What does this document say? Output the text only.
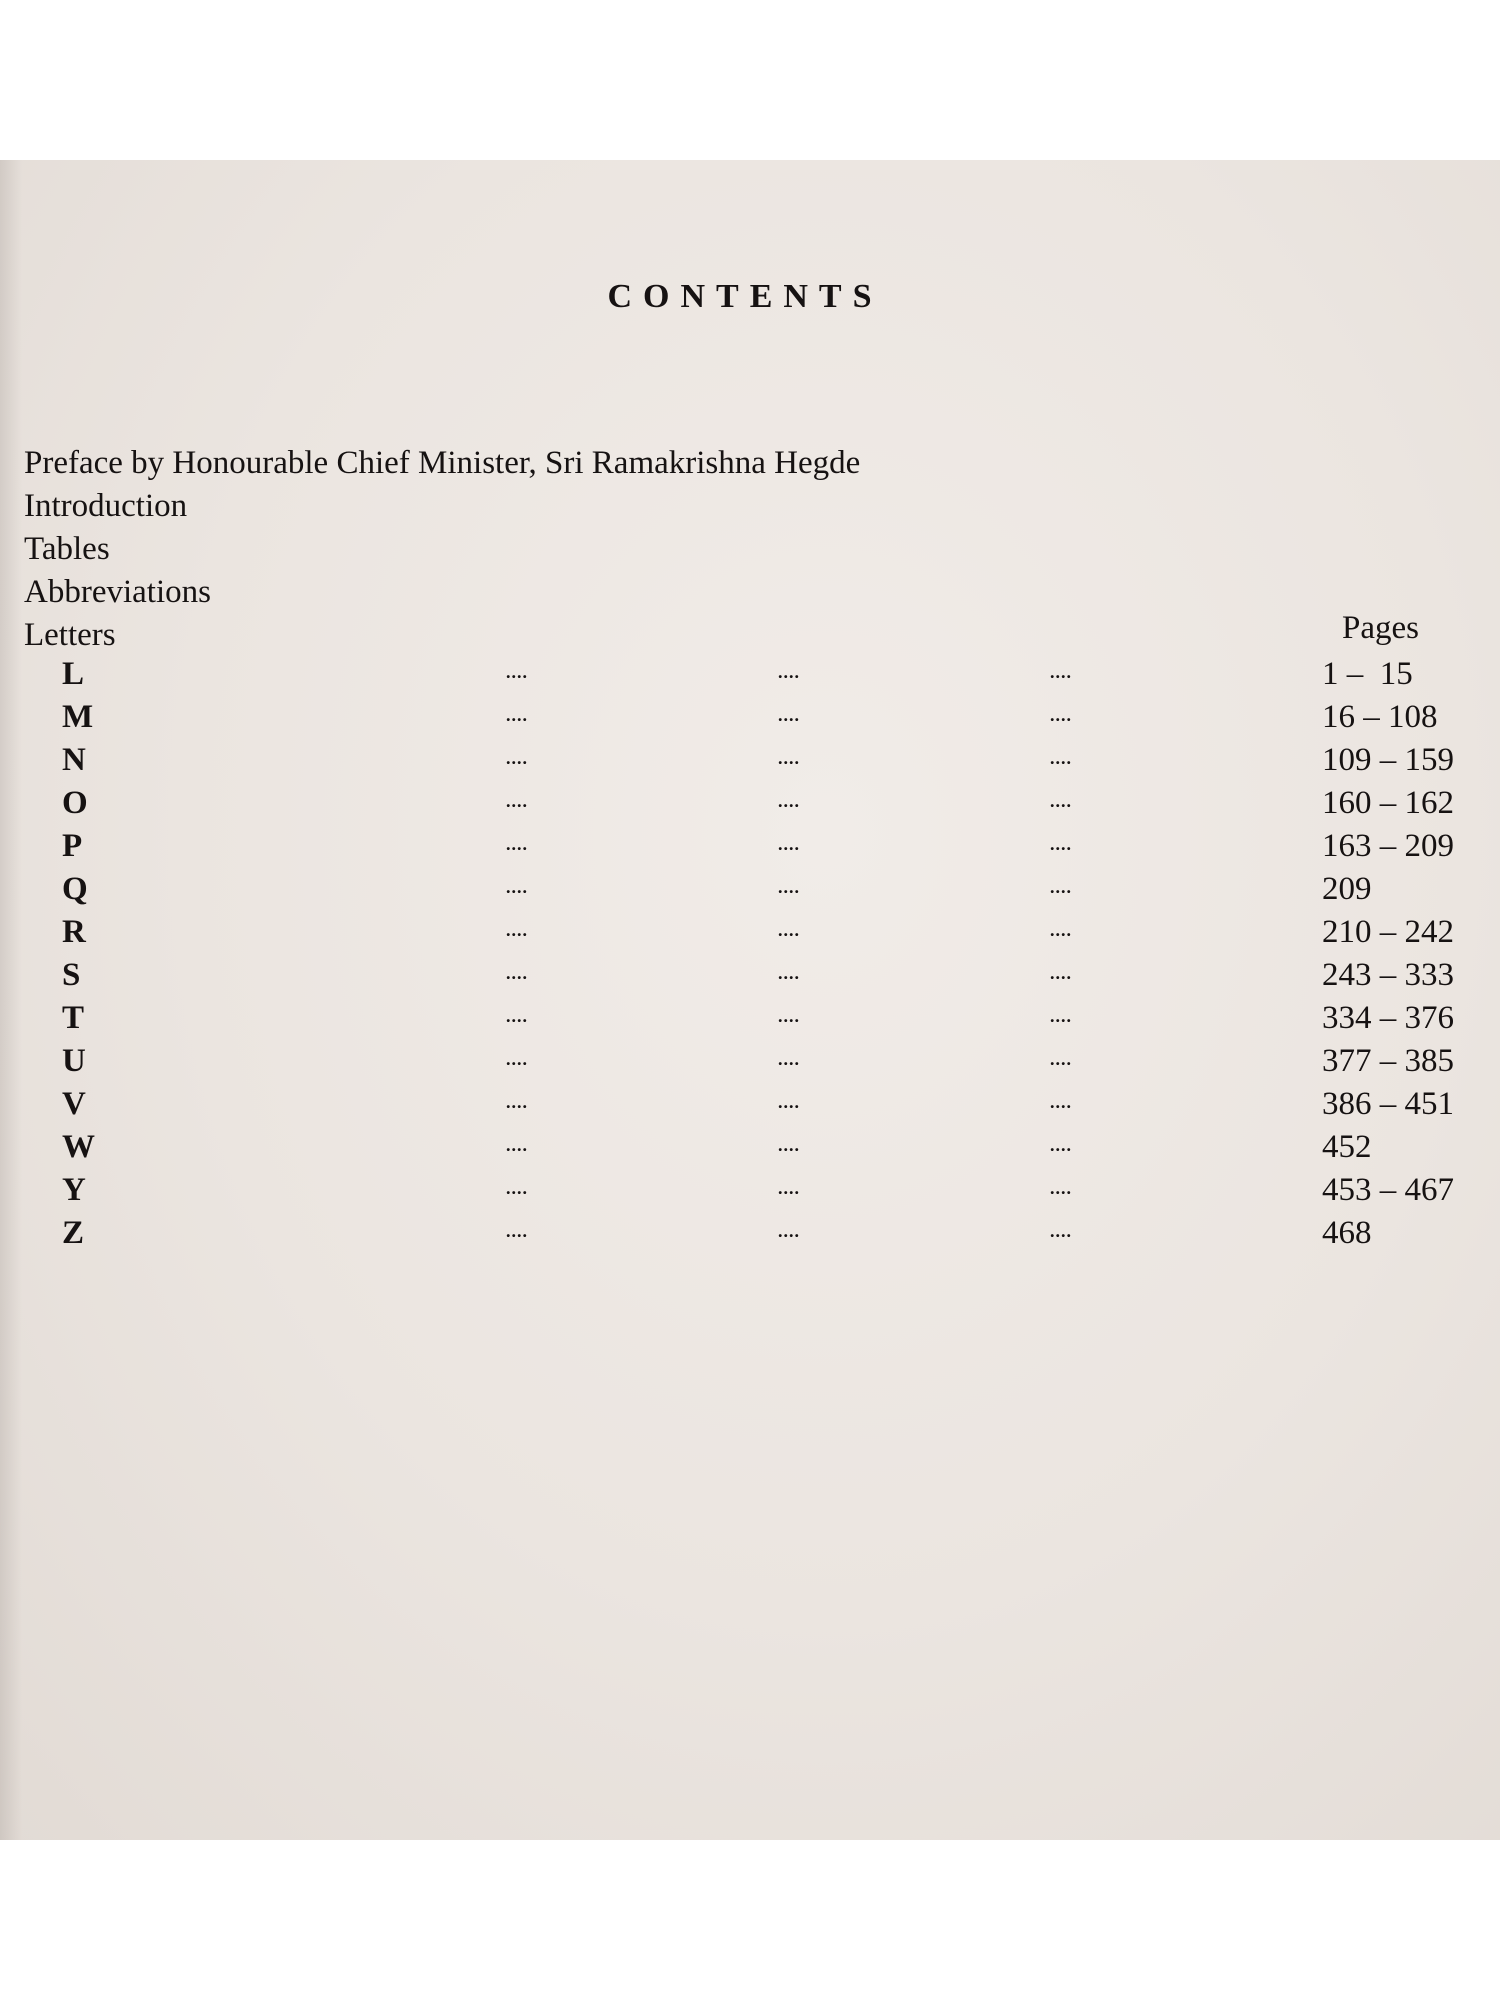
CONTENTS
Preface by Honourable Chief Minister, Sri Ramakrishna Hegde
Introduction
Tables
Abbreviations
Letters	Pages
L	....	....	....	1 –  15
M	....	....	....	16 – 108
N	....	....	....	109 – 159
O	....	....	....	160 – 162
P	....	....	....	163 – 209
Q	....	....	....	209
R	....	....	....	210 – 242
S	....	....	....	243 – 333
T	....	....	....	334 – 376
U	....	....	....	377 – 385
V	....	....	....	386 – 451
W	....	....	....	452
Y	....	....	....	453 – 467
Z	....	....	....	468
